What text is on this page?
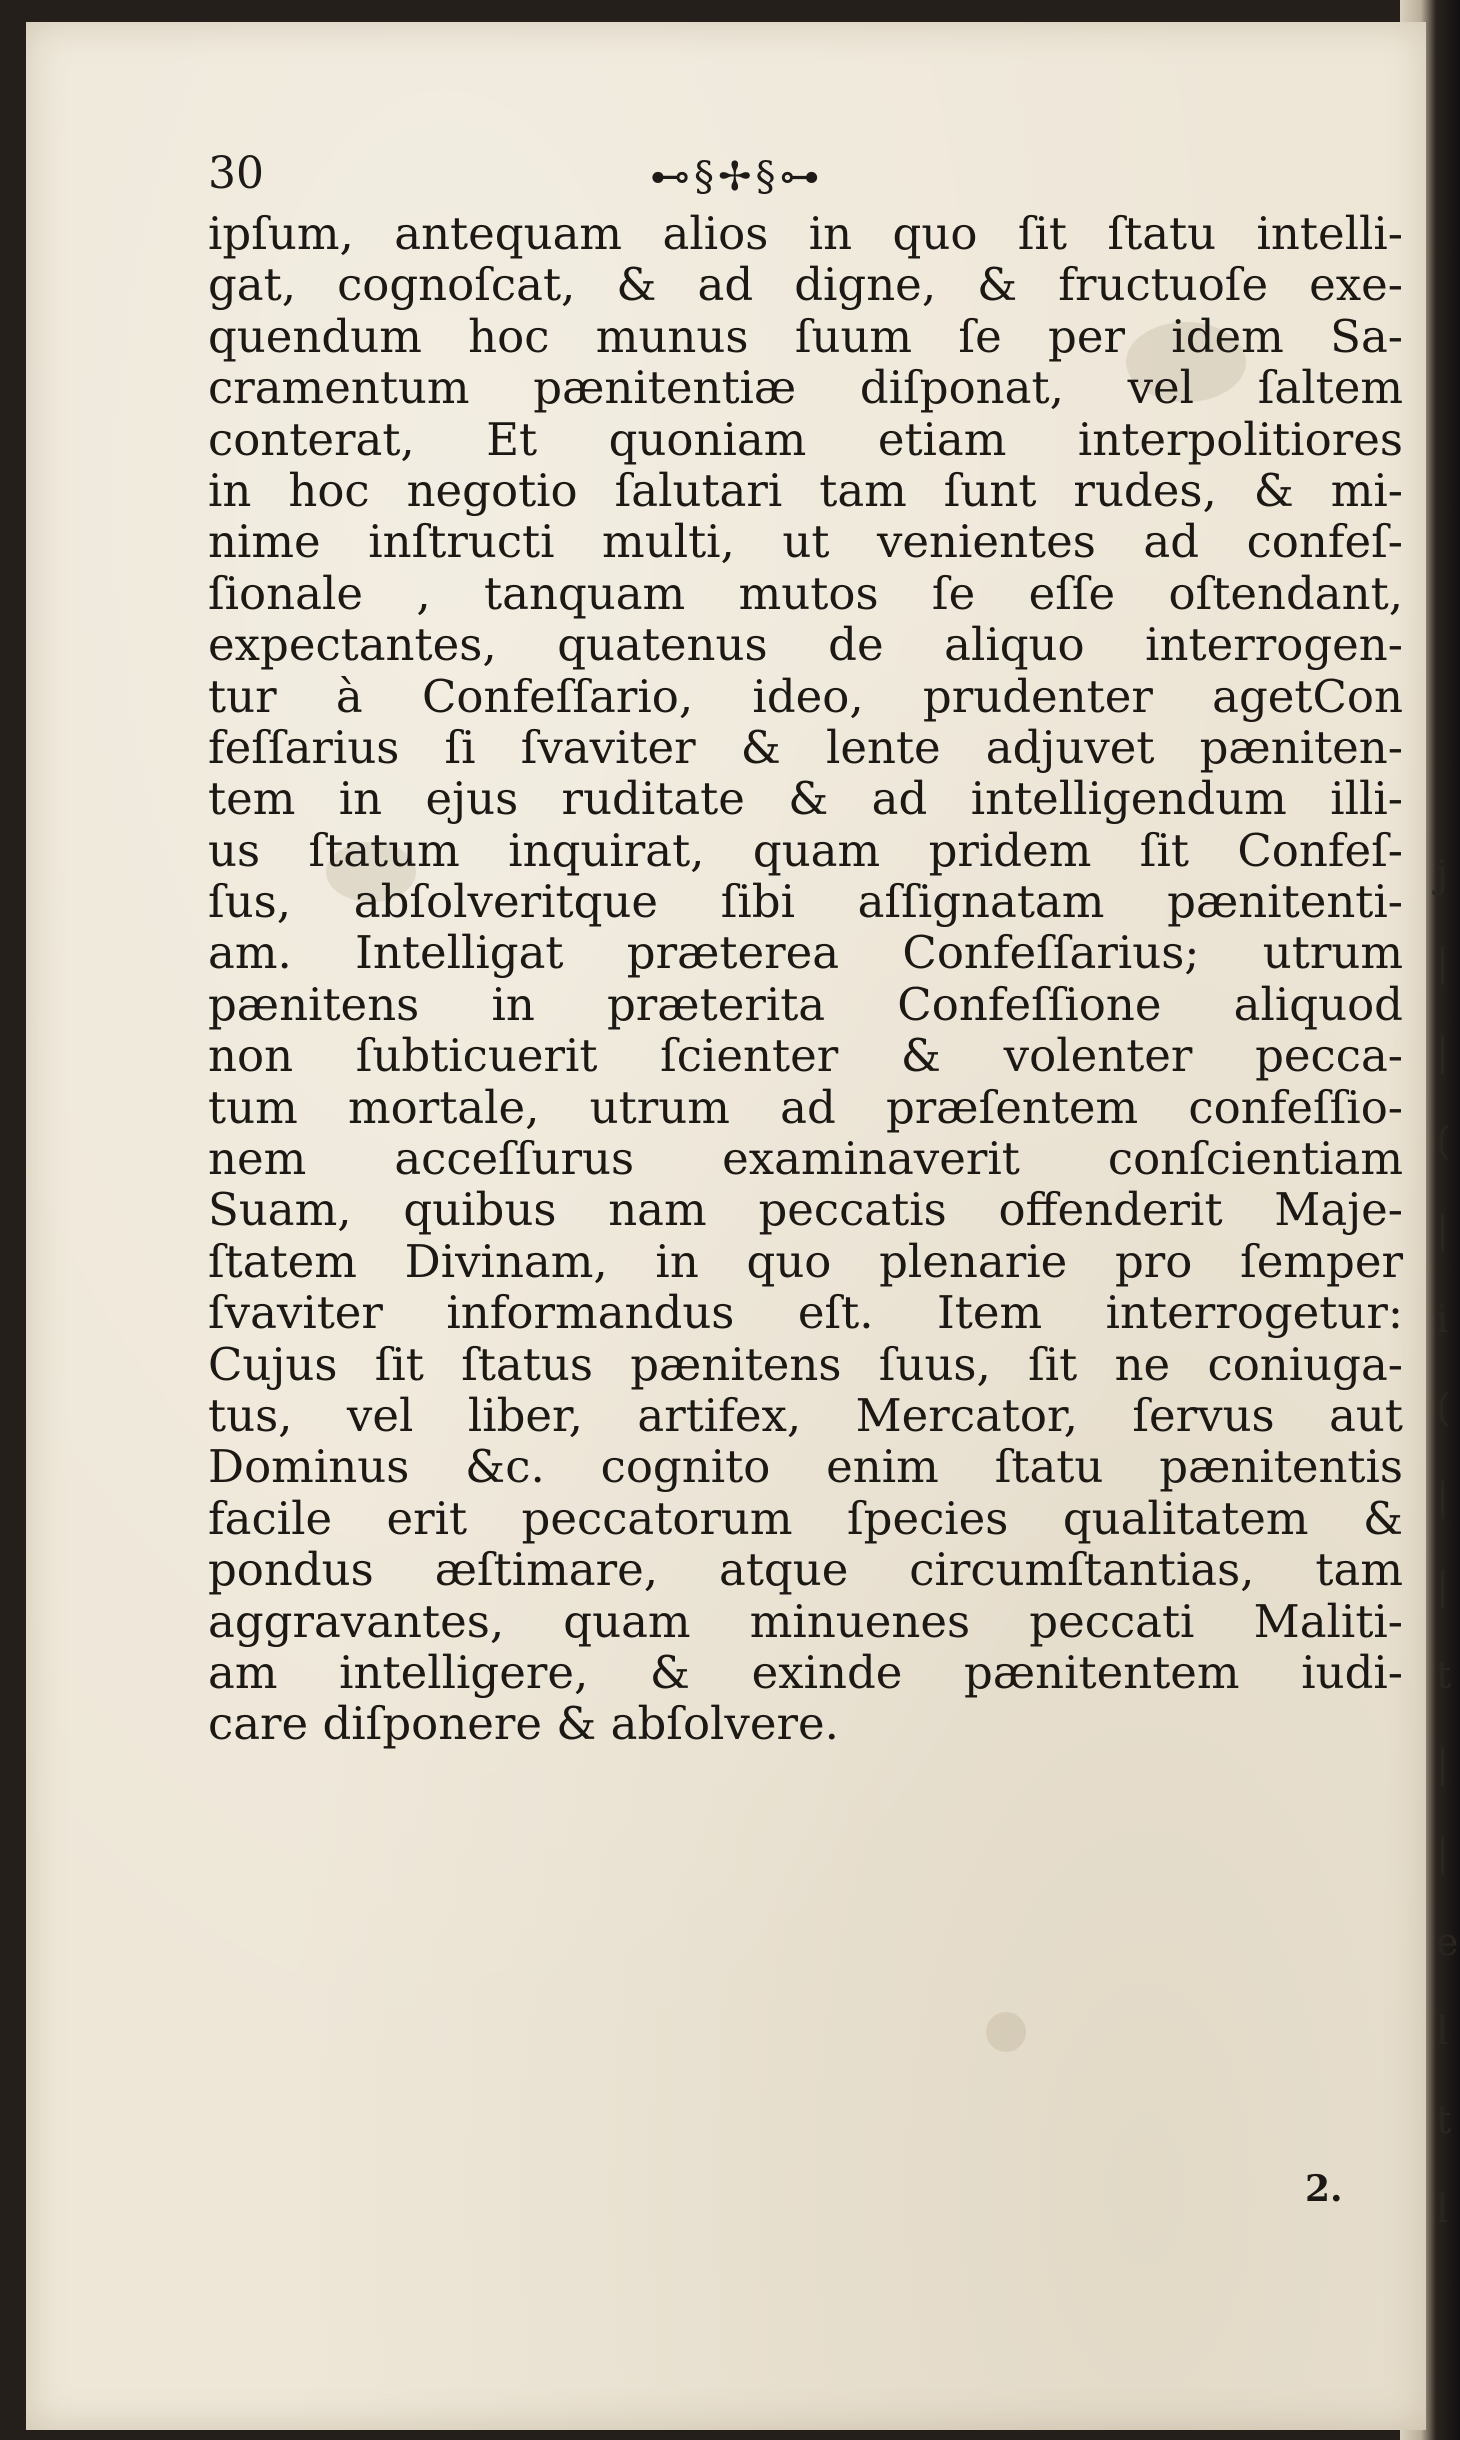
j
|
|
(
|
i
(
|
|
t
|
|
e
l
t
l
30	⊷§✢§⊶
ipſum, antequam alios in quo ſit ſtatu intelli-
gat, cognoſcat, & ad digne, & fructuoſe exe-
quendum hoc munus ſuum ſe per idem Sa-
cramentum pænitentiæ diſponat, vel ſaltem
conterat, Et quoniam etiam interpolitiores
in hoc negotio ſalutari tam ſunt rudes, & mi-
nime inſtructi multi, ut venientes ad confeſ-
ſionale , tanquam mutos ſe eſſe oſtendant,
expectantes, quatenus de aliquo interrogen-
tur à Confeſſario, ideo, prudenter agetCon
feſſarius ſi ſvaviter & lente adjuvet pæniten-
tem in ejus ruditate & ad intelligendum illi-
us ſtatum inquirat, quam pridem ſit Confeſ-
ſus, abſolveritque ſibi aſſignatam pænitenti-
am. Intelligat præterea Confeſſarius; utrum
pænitens in præterita Confeſſione aliquod
non ſubticuerit ſcienter & volenter pecca-
tum mortale, utrum ad præſentem confeſſio-
nem acceſſurus examinaverit conſcientiam
Suam, quibus nam peccatis offenderit Maje-
ſtatem Divinam, in quo plenarie pro ſemper
ſvaviter informandus eſt. Item interrogetur:
Cujus ſit ſtatus pænitens ſuus, ſit ne coniuga-
tus, vel liber, artifex, Mercator, ſervus aut
Dominus &c. cognito enim ſtatu pænitentis
facile erit peccatorum ſpecies qualitatem &
pondus æſtimare, atque circumſtantias, tam
aggravantes, quam minuenes peccati Maliti-
am intelligere, & exinde pænitentem iudi-
care diſponere & abſolvere.
2.
